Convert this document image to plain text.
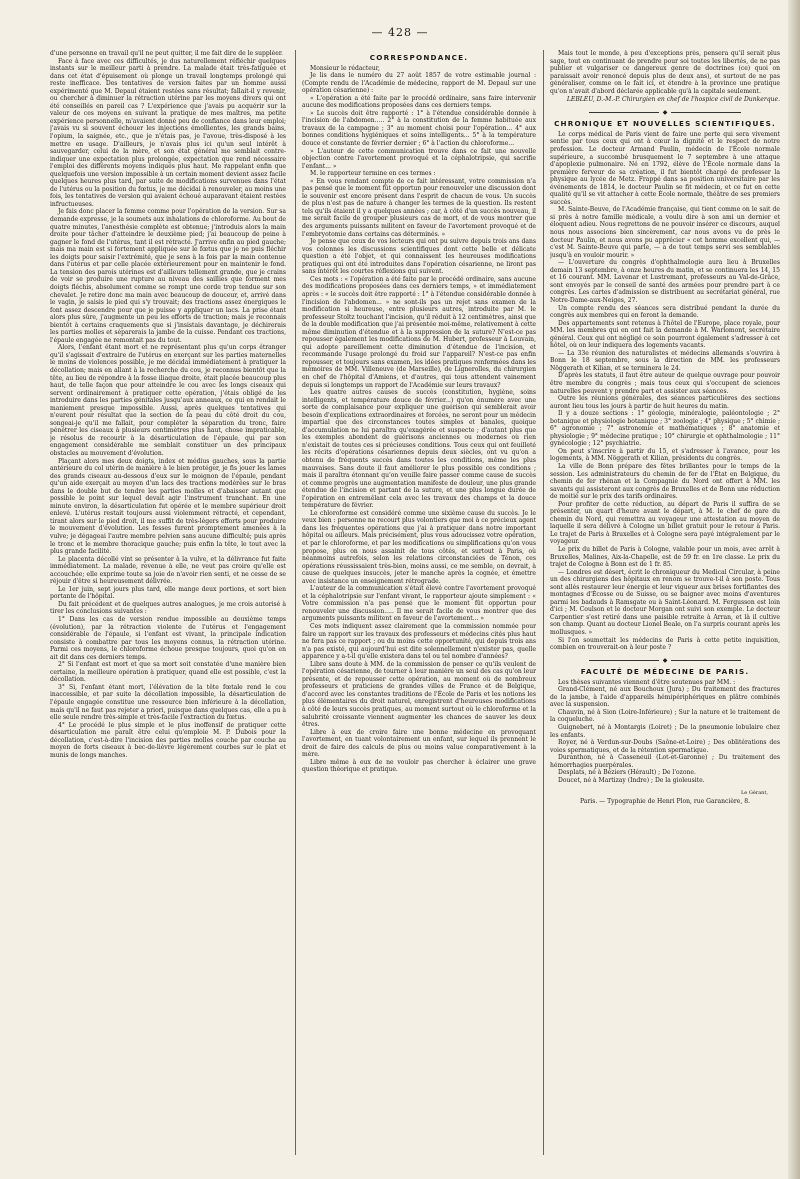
— 428 —

d'une personne en travail qu'il ne peut quitter, il me fait dire de le suppléer.

Face à face avec ces difficultés, je dus naturellement réfléchir quelques instants sur le meilleur parti à prendre. La malade était très-fatiguée et dans cet état d'épuisement où plonge un travail longtemps prolongé qui reste inefficace. Des tentatives de version faites par un homme aussi expérimenté que M. Depaul étaient restées sans résultat; fallait-il y revenir, ou chercher à diminuer la rétraction utérine par les moyens divers qui ont été conseillés en pareil cas ? L'expérience que j'avais pu acquérir sur la valeur de ces moyens en suivant la pratique de mes maîtres, ma petite expérience personnelle, m'avaient donné peu de confiance dans leur emploi; j'avais vu si souvent échouer les injections émollientes, les grands bains, l'opium, la saignée, etc., que je n'étais pas, je l'avoue, très-disposé à les mettre en usage. D'ailleurs, je n'avais plus ici qu'un seul intérêt à sauvegarder, celui de la mère, et son état général me semblait contre-indiquer une expectation plus prolongée, expectation que rend nécessaire l'emploi des différents moyens indiqués plus haut. Me rappelant enfin que quelquefois une version impossible à un certain moment devient assez facile quelques heures plus tard, par suite de modifications survenues dans l'état de l'utérus ou la position du fœtus, je me décidai à renouveler, au moins une fois, les tentatives de version qui avaient échoué auparavant étaient restées infructueuses.

Je fais donc placer la femme comme pour l'opération de la version. Sur sa demande expresse, je la soumets aux inhalations de chloroforme. Au bout de quatre minutes, l'anesthésie complète est obtenue; j'introduis alors la main droite pour tâcher d'atteindre le deuxième pied; j'ai beaucoup de peine à gagner le fond de l'utérus, tant il est rétracté. J'arrive enfin au pied gauche; mais ma main est si fortement appliquée sur le fœtus que je ne puis fléchir les doigts pour saisir l'extrémité, que je sens à la fois par la main contenue dans l'utérus et par celle placée extérieurement pour en maintenir le fond. La tension des parois utérines est d'ailleurs tellement grande, que je crains de voir se produire une rupture au niveau des saillies que forment mes doigts fléchis, absolument comme se rompt une corde trop tendue sur son chevalet. Je retire donc ma main avec beaucoup de douceur, et, arrivé dans le vagin, je saisis le pied qui s'y trouvait; des tractions assez énergiques le font assez descendre pour que je puisse y appliquer un lacs. La prise étant alors plus sûre, j'augmente un peu les efforts de traction; mais je reconnais bientôt à certains craquements que si j'insistais davantage, je déchirerais les parties molles et séparerais la jambe de la cuisse. Pendant ces tractions, l'épaule engagée ne remontait pas du tout.

Alors, l'enfant étant mort et ne représentant plus qu'un corps étranger qu'il s'agissait d'extraire de l'utérus en exerçant sur les parties maternelles le moins de violences possible, je me décidai immédiatement à pratiquer la décollation; mais en allant à la recherche du cou, je reconnus bientôt que la tête, au lieu de répondre à la fosse iliaque droite, était placée beaucoup plus haut, de telle façon que pour atteindre le cou avec les longs ciseaux qui servent ordinairement à pratiquer cette opération, j'étais obligé de les introduire dans les parties génitales jusqu'aux anneaux, ce qui en rendait le maniement presque impossible. Aussi, après quelques tentatives qui n'eurent pour résultat que la section de la peau du côté droit du cou, songeai-je qu'il me fallait, pour compléter la séparation du tronc, faire pénétrer les ciseaux à plusieurs centimètres plus haut, chose impraticable, je résolus de recourir à la désarticulation de l'épaule, qui par son engagement considérable me semblait constituer un des principaux obstacles au mouvement d'évolution.

Plaçant alors mes deux doigts, index et médius gauches, sous la partie antérieure du col utérin de manière à le bien protéger, je fis jouer les lames des grands ciseaux au-dessous d'eux sur le moignon de l'épaule, pendant qu'un aide exerçait au moyen d'un lacs des tractions modérées sur le bras dans le double but de tendre les parties molles et d'abaisser autant que possible le point sur lequel devait agir l'instrument tranchant. En une minute environ, la désarticulation fut opérée et le membre supérieur droit enlevé. L'utérus restait toujours aussi violemment rétracté, et cependant, tirant alors sur le pied droit, il me suffit de très-légers efforts pour produire le mouvement d'évolution. Les fesses furent promptement amenées à la vulve; je dégageai l'autre membre pelvien sans aucune difficulté; puis après le tronc et le membre thoracique gauche; puis enfin la tête, le tout avec la plus grande facilité.

Le placenta décollé vint se présenter à la vulve, et la délivrance fut faite immédiatement. La malade, revenue à elle, ne veut pas croire qu'elle est accouchée; elle exprime toute sa joie de n'avoir rien senti, et ne cesse de se réjouir d'être si heureusement délivrée.

Le 1er juin, sept jours plus tard, elle mange deux portions, et sort bien portante de l'hôpital.

Du fait précédent et de quelques autres analogues, je me crois autorisé à tirer les conclusions suivantes :

1° Dans les cas de version rendue impossible au deuxième temps (évolution), par la rétraction violente de l'utérus et l'engagement considérable de l'épaule, si l'enfant est vivant, la principale indication consiste à combattre par tous les moyens connus, la rétraction utérine. Parmi ces moyens, le chloroforme échoue presque toujours, quoi qu'on en ait dit dans ces derniers temps.

2° Si l'enfant est mort et que sa mort soit constatée d'une manière bien certaine, la meilleure opération à pratiquer, quand elle est possible, c'est la décollation.

3° Si, l'enfant étant mort, l'élévation de la tête fœtale rend le cou inaccessible, et par suite la décollation impossible, la désarticulation de l'épaule engagée constitue une ressource bien inférieure à la décollation, mais qu'il ne faut pas rejeter a priori, puisque dans quelques cas, elle a pu à elle seule rendre très-simple et très-facile l'extraction du fœtus.

4° Le procédé le plus simple et le plus inoffensif de pratiquer cette désarticulation me paraît être celui qu'emploie M. P. Dubois pour la décollation, c'est-à-dire l'incision des parties molles couche par couche au moyen de forts ciseaux à bec-de-lièvre légèrement courbes sur le plat et munis de longs manches.

CORRESPONDANCE.

Monsieur le rédacteur,

Je lis dans le numéro du 27 août 1857 de votre estimable journal : (Compte rendu de l'Académie de médecine, rapport de M. Depaul sur une opération césarienne) :

« L'opération a été faite par le procédé ordinaire, sans faire intervenir aucune des modifications proposées dans ces derniers temps.

» Le succès doit être rapporté : 1° à l'étendue considérable donnée à l'incision de l'abdomen..... 2° à la constitution de la femme habituée aux travaux de la campagne ; 3° au moment choisi pour l'opération... 4° aux bonnes conditions hygiéniques et soins intelligents... 5° à la température douce et constante de février dernier ; 6° à l'action du chloroforme...

» L'auteur de cette communication trouve dans ce fait une nouvelle objection contre l'avortement provoqué et la céphalotripsie, qui sacrifie l'enfant... »

M. le rapporteur termine en ces termes :

« En vous rendant compte de ce fait intéressant, votre commission n'a pas pensé que le moment fût opportun pour renouveler une discussion dont le souvenir est encore présent dans l'esprit de chacun de vous. Un succès de plus n'est pas de nature à changer les termes de la question. Ils restent tels qu'ils étaient il y a quelques années ; car, à côté d'un succès nouveau, il me serait facile de grouper plusieurs cas de mort, et de vous montrer que des arguments puissants militent en faveur de l'avortement provoqué et de l'embryotomie dans certains cas déterminés. »

Je pense que ceux de vos lecteurs qui ont pu suivre depuis trois ans dans vos colonnes les discussions scientifiques dont cette belle et délicate question a été l'objet, et qui connaissent les heureuses modifications pratiques qui ont été introduites dans l'opération césarienne, ne liront pas sans intérêt les courtes réflexions qui suivent.

Ces mots : « l'opération a été faite par le procédé ordinaire, sans aucune des modifications proposées dans ces derniers temps, » et immédiatement après : « le succès doit être rapporté : 1° à l'étendue considérable donnée à l'incision de l'abdomen... » ne sont-ils pas un rejet sans examen de la modification si heureuse, entre plusieurs autres, introduite par M. le professeur Stoltz touchant l'incision, qu'il réduit à 12 centimètres, ainsi que de la double modification que j'ai présentée moi-même, relativement à cette même diminution d'étendue et à la suppression de la suture? N'est-ce pas repousser également les modifications de M. Hubert, professeur à Louvain, qui adopte pareillement cette diminution d'étendue de l'incision, et recommande l'usage prolongé du froid sur l'appareil? N'est-ce pas enfin repousser, et toujours sans examen, les idées pratiques renfermées dans les mémoires de MM. Villeneuve (de Marseille), de Lignerolles, du chirurgien en chef de l'hôpital d'Amiens, et d'autres, qui tous attendent vainement depuis si longtemps un rapport de l'Académie sur leurs travaux?

Les quatre autres causes de succès (constitution, hygiène, soins intelligents, et température douce de février...) qu'on énumère avec une sorte de complaisance pour expliquer une guérison qui semblerait avoir besoin d'explications extraordinaires et forcées, ne seront pour un médecin impartial que des circonstances toutes simples et banales, quoique d'accumulation ne lui paraîtra qu'exagérée et suspecte ; d'autant plus que les exemples abondent de guérisons anciennes ou modernes où rien n'existait de toutes ces si précieuses conditions. Tous ceux qui ont feuilleté les récits d'opérations césariennes depuis deux siècles, ont vu qu'on a obtenu de fréquents succès dans toutes les conditions, même les plus mauvaises. Sans doute il faut améliorer le plus possible ces conditions ; mais il paraîtra étonnant qu'on veuille faire passer comme cause de succès et comme progrès une augmentation manifeste de douleur, une plus grande étendue de l'incision et partant de la suture, et une plus longue durée de l'opération en entremêlant cela avec les travaux des champs et la douce température de février.

Le chloroforme est considéré comme une sixième cause du succès. Je le veux bien : personne ne recourt plus volontiers que moi à ce précieux agent dans les fréquentes opérations que j'ai à pratiquer dans notre important hôpital ou ailleurs. Mais précisément, plus vous adoucissez votre opération, et par le chloroforme, et par les modifications ou simplifications qu'on vous propose, plus on nous assainit de tous côtés, et surtout à Paris, où néanmoins autrefois, selon les relations circonstanciées de Ténon, ces opérations réussissaient très-bien, moins aussi, ce me semble, on devrait, à cause de quelques insuccès, jeter le manche après la cognée, et émettre avec insistance un enseignement rétrograde.

L'auteur de la communication s'était élevé contre l'avortement provoqué et la céphalotripsie sur l'enfant vivant, le rapporteur ajoute simplement : « Votre commission n'a pas pensé que le moment fût opportun pour renouveler une discussion..... Il me serait facile de vous montrer que des arguments puissants militent en faveur de l'avortement... »

Ces mots indiquent assez clairement que la commission nommée pour faire un rapport sur les travaux des professeurs et médecins cités plus haut ne fera pas ce rapport ; ou du moins cette opportunité, qui depuis trois ans n'a pas existé, qui aujourd'hui est dite solennellement n'exister pas, quelle apparence y a-t-il qu'elle existera dans tel ou tel nombre d'années?

Libre sans doute à MM. de la commission de penser ce qu'ils veulent de l'opération césarienne, de tourner à leur manière un seul des cas qu'on leur présente, et de repousser cette opération, au moment où de nombreux professeurs et praticiens de grandes villes de France et de Belgique, d'accord avec les constantes traditions de l'École de Paris et les notions les plus élémentaires du droit naturel, enregistrent d'heureuses modifications à côté de leurs succès pratiques, au moment surtout où le chloroforme et la salubrité croissante viennent augmenter les chances de sauver les deux êtres.

Libre à eux de croire faire une bonne médecine en provoquant l'avortement, en tuant volontairement un enfant, sur lequel ils prennent le droit de faire des calculs de plus ou moins value comparativement à la mère.

Libre même à eux de ne vouloir pas chercher à éclairer une grave question théorique et pratique.

Mais tout le monde, à peu d'exceptions près, pensera qu'il serait plus sage, tout en continuant de prendre pour soi toutes les libertés, de ne pas publier et vulgariser ce dangereux genre de doctrines (ce) quoi on paraissait avoir renoncé depuis plus de deux ans), et surtout de ne pas généraliser, comme on le fait ici, et étendre à la province une pratique qu'on n'avait d'abord déclarée applicable qu'à la capitale seulement.

LEBLEU, D.-M.-P. Chirurgien en chef de l'hospice civil de Dunkerque.
◆
CHRONIQUE ET NOUVELLES SCIENTIFIQUES.

Le corps médical de Paris vient de faire une perte qui sera vivement sentie par tous ceux qui ont à cœur la dignité et le respect de notre profession. Le docteur Armand Paulin, médecin de l'École normale supérieure, a succombé brusquement le 7 septembre à une attaque d'apoplexie pulmonaire. Né en 1792, élève de l'École normale dans la première ferveur de sa création, il fut bientôt chargé de professer la physique au lycée de Metz. Frappé dans sa position universitaire par les événements de 1814, le docteur Paulin se fit médecin, et ce fut en cette qualité qu'il se vit attacher à cette École normale, théâtre de ses premiers succès.

M. Sainte-Beuve, de l'Académie française, qui tient comme on le sait de si près à notre famille médicale, a voulu dire à son ami un dernier et éloquent adieu. Nous regrettons de ne pouvoir insérer ce discours, auquel nous nous associons bien sincèrement, car nous avons vu de près le docteur Paulin, et nous avons pu apprécier « cet homme excellent qui, — c'est M. Sainte-Beuve qui parle, — a de tout temps servi ses semblables jusqu'à en vouloir mourir. »

— L'ouverture du congrès d'ophthalmologie aura lieu à Bruxelles demain 13 septembre, à onze heures du matin, et se continuera les 14, 15 et 16 courant. MM. Lavenar et Lustremant, professeurs au Val-de-Grâce, sont envoyés par le conseil de santé des armées pour prendre part à ce congrès. Les cartes d'admission se distribuent au secrétariat général, rue Notre-Dame-aux-Neiges, 27.

Un compte rendu des séances sera distribué pendant la durée du congrès aux membres qui en feront la demande.

Des appartements sont retenus à l'hôtel de l'Europe, place royale, pour MM. les membres qui en ont fait la demande à M. Warlomont, secrétaire général. Ceux qui ont négligé ce soin pourront également s'adresser à cet hôtel, où on leur indiquera des logements vacants.

— La 33e réunion des naturalistes et médecins allemands s'ouvrira à Bonn le 18 septembre, sous la direction de MM. les professeurs Nöggerath et Kilian, et se terminera le 24.

D'après les statuts, il faut être auteur de quelque ouvrage pour pouvoir être membre du congrès ; mais tous ceux qui s'occupent de sciences naturelles peuvent y prendre part et assister aux séances.

Outre les réunions générales, des séances particulières des sections auront lieu tous les jours à partir de huit heures du matin.

Il y a douze sections : 1° géologie, minéralogie, paléontologie ; 2° botanique et physiologie botanique ; 3° zoologie ; 4° physique ; 5° chimie ; 6° agronomie ; 7° astronomie et mathématiques ; 8° anatomie et physiologie ; 9° médecine pratique ; 10° chirurgie et ophthalmologie ; 11° gynécologie ; 12° psychiatrie.

On peut s'inscrire à partir du 15, et s'adresser à l'avance, pour les logements, à MM. Nöggerath et Kilian, présidents du congrès.

La ville de Bonn prépare des fêtes brillantes pour le temps de la session. Les administrateurs du chemin de fer de l'État en Belgique, du chemin de fer rhénan et la Compagnie du Nord ont offert à MM. les savants qui assisteront aux congrès de Bruxelles et de Bonn une réduction de moitié sur le prix des tarifs ordinaires.

Pour profiter de cette réduction, au départ de Paris il suffira de se présenter, un quart d'heure avant le départ, à M. le chef de gare du chemin du Nord, qui remettra au voyageur une attestation au moyen de laquelle il sera délivré à Cologne un billet gratuit pour le retour à Paris. Le trajet de Paris à Bruxelles et à Cologne sera payé intégralement par le voyageur.

Le prix du billet de Paris à Cologne, valable pour un mois, avec arrêt à Bruxelles, Malines, Aix-la-Chapelle, est de 59 fr. en 1re classe. Le prix du trajet de Cologne à Bonn est de 1 fr. 85.

— Londres est désert, écrit le chroniqueur du Medical Circular, à peine un des chirurgiens des hôpitaux en renom se trouve-t-il à son poste. Tous sont allés restaurer leur énergie et leur vigueur aux brises fortifiantes des montagnes d'Écosse ou de Suisse, ou se baigner avec moins d'aventures parmi les badauds à Ramsgate ou à Saint-Léonard. M. Fergusson est loin d'ici ; M. Coulson et le docteur Morgan ont suivi son exemple. Le docteur Carpentier s'est retiré dans une paisible retraite à Arran, et là il cultive son champ. Quant au docteur Lionel Beale, on l'a surpris courant après les mollusques. »

Si l'on soumettait les médecins de Paris à cette petite inquisition, combien en trouverait-on à leur poste ?

◆
FACULTÉ DE MÉDECINE DE PARIS.

Les thèses suivantes viennent d'être soutenues par MM. :

Grand-Clément, né aux Bouchoux (Jura) ; Du traitement des fractures de la jambe, à l'aide d'appareils hémipériphériques en plâtre combinés avec la suspension.

Chauvin, né à Sion (Loire-Inférieure) ; Sur la nature et le traitement de la coqueluche.

Guignebert, né à Montargis (Loiret) ; De la pneumonie lobulaire chez les enfants.

Royer, né à Verdun-sur-Doubs (Saône-et-Loire) ; Des oblitérations des voies spermatiques, et de la rétention spermatique.

Duranthon, né à Casseneuil (Lot-et-Garonne) ; Du traitement des hémorrhagies puerpérales.

Desplats, né à Béziers (Hérault) ; De l'ozone.

Doucet, né à Martizay (Indre) ; De la gioleusite.

Le Gérant,
Paris. — Typographie de Henri Plon, rue Garancière, 8.
